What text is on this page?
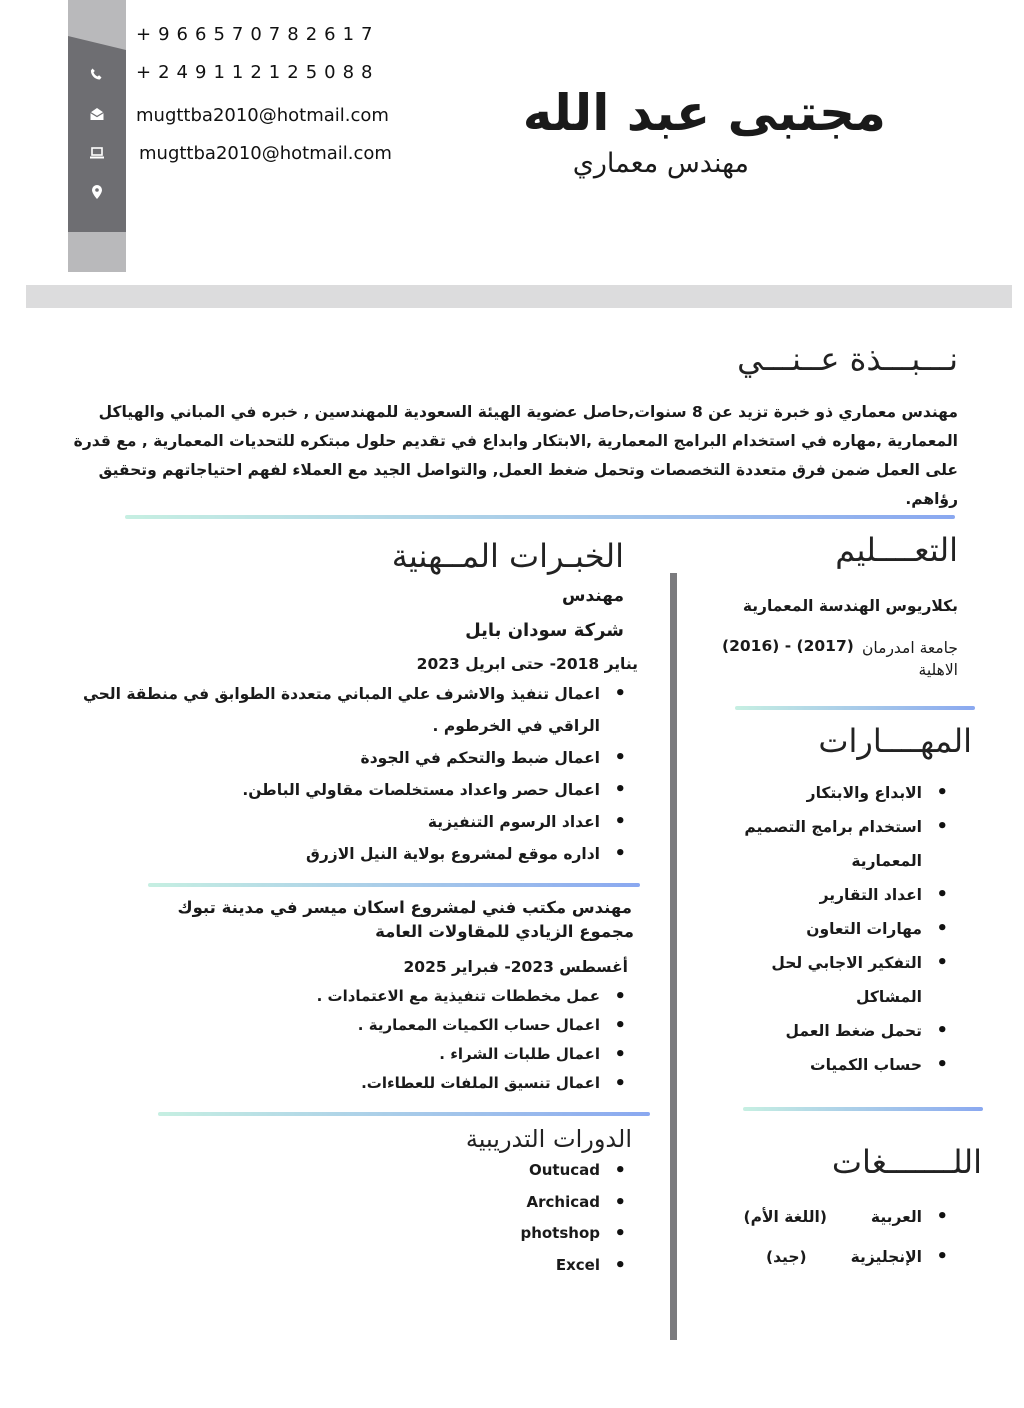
+966570782617
+249112125088
mugttba2010@hotmail.com
mugttba2010@hotmail.com
مجتبى عبد الله
مهندس معماري
نـــبـــذة عــنـــي
مهندس معماري ذو خبرة تزيد عن 8 سنوات,حاصل عضوية الهيئة السعودية للمهندسين , خبره في المباني والهياكل المعمارية ,مهاره في استخدام البرامج المعمارية ,الابتكار وابداع في تقديم حلول مبتكره للتحديات المعمارية , مع قدرة على العمل ضمن فرق متعددة التخصصات وتحمل ضغط العمل, والتواصل الجيد مع العملاء لفهم احتياجاتهم وتحقيق رؤاهم.
التعــــليم
بكلاريوس الهندسة المعمارية
جامعة امدرمان
الاهلية
(2016) - (2017)
المهــــارات
• الابداع والابتكار
• استخدام برامج التصميم المعمارية
• اعداد التقارير
• مهارات التعاون
• التفكير الاجابي لحل المشاكل
• تحمل ضغط العمل
• حساب الكميات
اللـــــــغات
• العربية(اللغة الأم)
• الإنجليزية(جيد)
الخبـرات المــهنية
مهندس
شركة سودان بايل
يناير 2018- حتى ابريل 2023
• اعمال تنفيذ والاشرف علي المباني متعددة الطوابق في منطقة الحي الراقي في الخرطوم .
• اعمال ضبط والتحكم في الجودة
• اعمال حصر واعداد مستخلصات مقاولي الباطن.
• اعداد الرسوم التنفيزية
• اداره موقع لمشروع بولاية النيل الازرق
مهندس مكتب فني لمشروع اسكان ميسر في مدينة تبوك
مجموع الزيادي للمقاولات العامة
أغسطس 2023- فبراير 2025
• عمل مخططات تنفيذية مع الاعتمادات .
• اعمال حساب الكميات المعمارية .
• اعمال طلبات الشراء .
• اعمال تنسيق الملفات للعطاءات.
الدورات التدريبية
• Outucad
• Archicad
• photshop
• Excel
